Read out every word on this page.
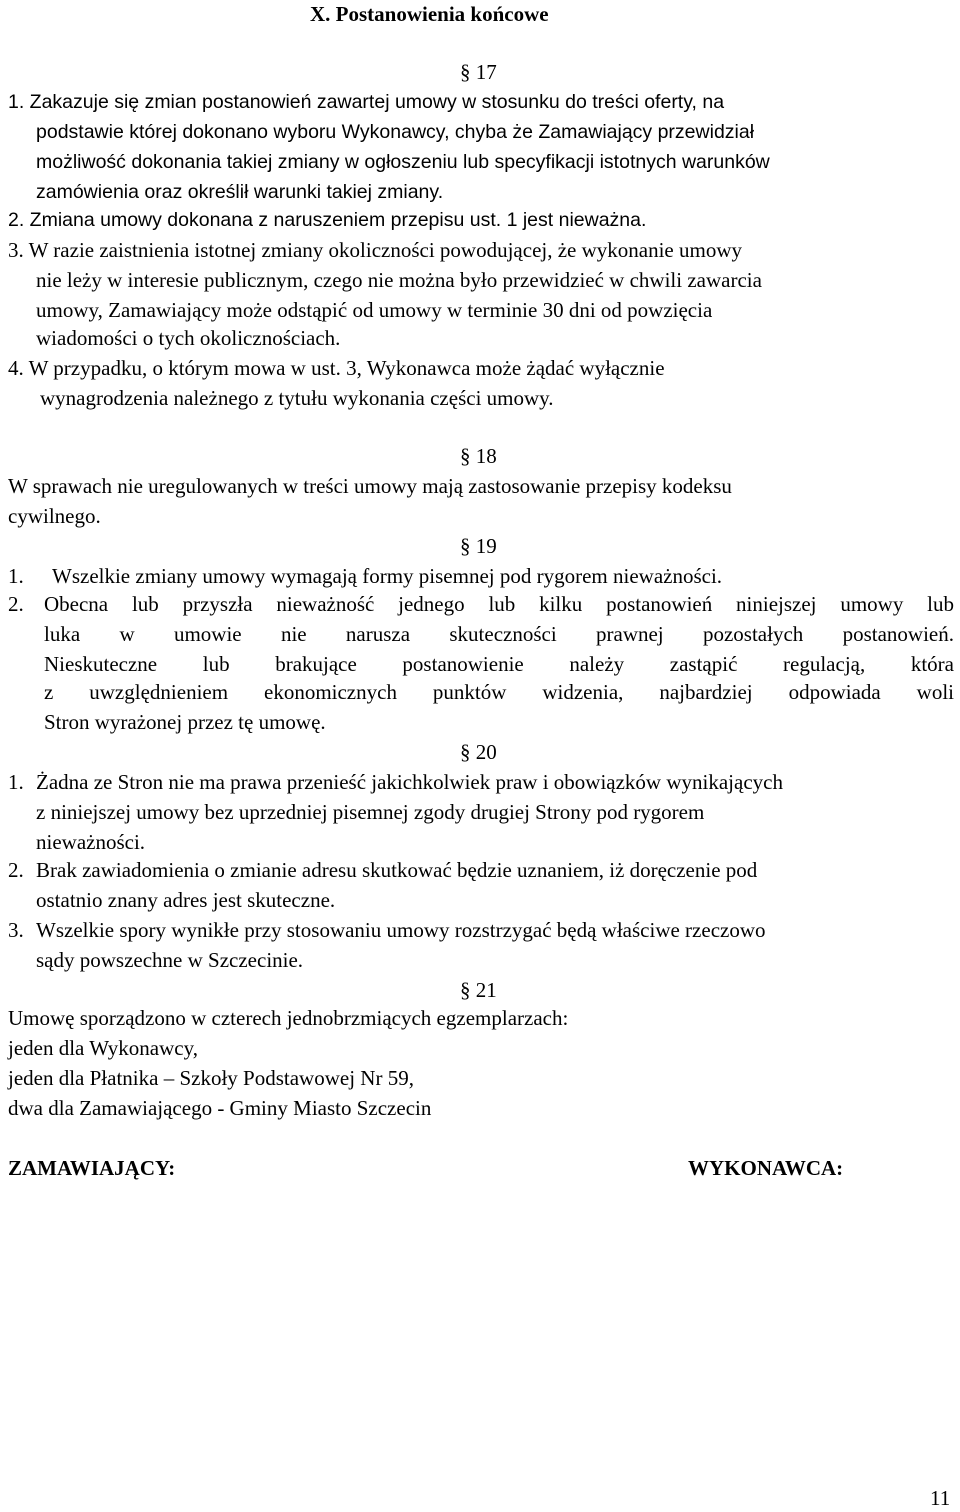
X. Postanowienia końcowe
§ 17
1. Zakazuje się zmian postanowień zawartej umowy w stosunku do treści oferty, na
podstawie której dokonano wyboru Wykonawcy, chyba że Zamawiający przewidział
możliwość dokonania takiej zmiany w ogłoszeniu lub specyfikacji istotnych warunków
zamówienia oraz określił warunki takiej zmiany.
2. Zmiana umowy dokonana z naruszeniem przepisu ust. 1 jest nieważna.
3. W razie zaistnienia istotnej zmiany okoliczności powodującej, że wykonanie umowy
nie leży w interesie publicznym, czego nie można było przewidzieć w chwili zawarcia
umowy, Zamawiający może odstąpić od umowy w terminie 30 dni od powzięcia
wiadomości o tych okolicznościach.
4. W przypadku, o którym mowa w ust. 3, Wykonawca może żądać wyłącznie
wynagrodzenia należnego z tytułu wykonania części umowy.
§ 18
W sprawach nie uregulowanych w treści umowy mają zastosowanie przepisy kodeksu
cywilnego.
§ 19
1. Wszelkie zmiany umowy wymagają formy pisemnej pod rygorem nieważności.
2. Obecna lub przyszła nieważność jednego lub kilku postanowień niniejszej umowy lub
luka w umowie nie narusza skuteczności prawnej pozostałych postanowień.
Nieskuteczne lub brakujące postanowienie należy zastąpić regulacją, która
z uwzględnieniem ekonomicznych punktów widzenia, najbardziej odpowiada woli
Stron wyrażonej przez tę umowę.
§ 20
1. Żadna ze Stron nie ma prawa przenieść jakichkolwiek praw i obowiązków wynikających
z niniejszej umowy bez uprzedniej pisemnej zgody drugiej Strony pod rygorem
nieważności.
2. Brak zawiadomienia o zmianie adresu skutkować będzie uznaniem, iż doręczenie pod
ostatnio znany adres jest skuteczne.
3. Wszelkie spory wynikłe przy stosowaniu umowy rozstrzygać będą właściwe rzeczowo
sądy powszechne w Szczecinie.
§ 21
Umowę sporządzono w czterech jednobrzmiących egzemplarzach:
jeden dla Wykonawcy,
jeden dla Płatnika – Szkoły Podstawowej Nr 59,
dwa dla Zamawiającego - Gminy Miasto Szczecin
ZAMAWIAJĄCY:	WYKONAWCA:
11
